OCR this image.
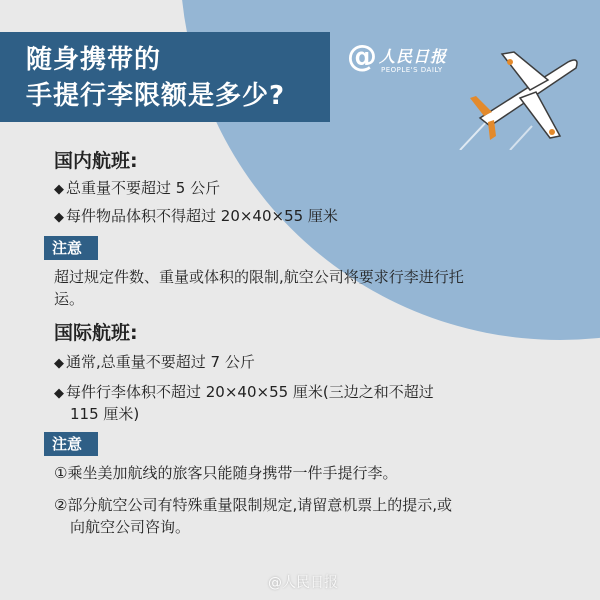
随身携带的
手提行李限额是多少?
@ 人民日报
PEOPLE'S DAILY
国内航班:
◆ 总重量不要超过 5 公斤
◆ 每件物品体积不得超过 20×40×55 厘米
注意
超过规定件数、重量或体积的限制,航空公司将要求行李进行托
运。
国际航班:
◆ 通常,总重量不要超过 7 公斤
◆ 每件行李体积不超过 20×40×55 厘米(三边之和不超过
115 厘米)
注意
①乘坐美加航线的旅客只能随身携带一件手提行李。
②部分航空公司有特殊重量限制规定,请留意机票上的提示,或
向航空公司咨询。
@人民日报
